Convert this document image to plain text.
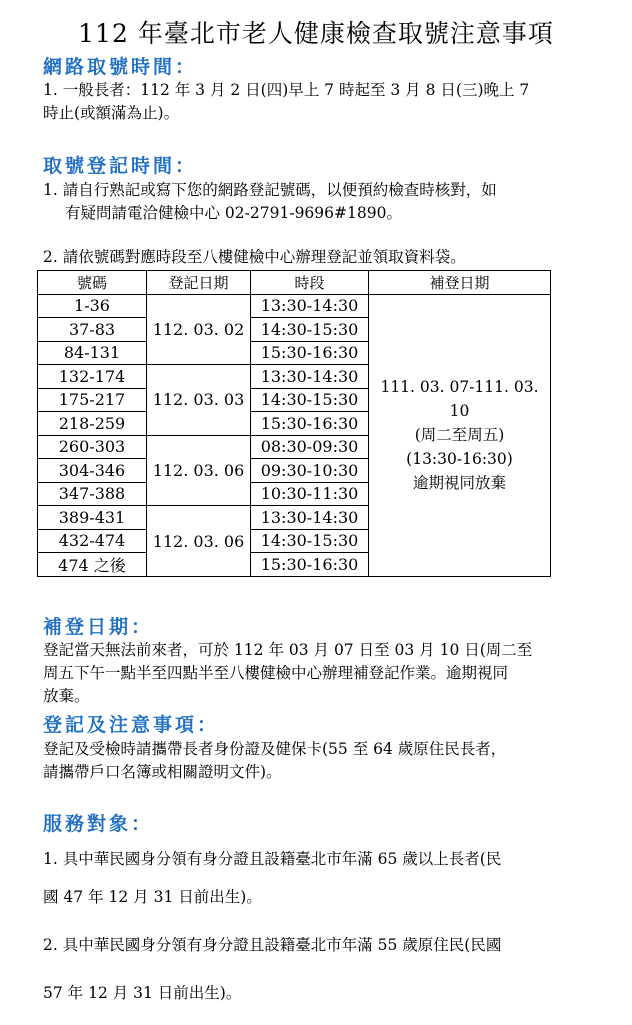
112 年臺北市老人健康檢查取號注意事項
網路取號時間：
1. 一般長者：112 年 3 月 2 日(四)早上 7 時起至 3 月 8 日(三)晚上 7
時止(或額滿為止)。
取號登記時間：
1. 請自行熟記或寫下您的網路登記號碼，以便預約檢查時核對，如
有疑問請電洽健檢中心 02-2791-9696#1890。
2. 請依號碼對應時段至八樓健檢中心辦理登記並領取資料袋。
號碼	登記日期	時段	補登日期
1-36	112. 03. 02	13:30-14:30	111. 03. 07-111. 03. 10
(周二至周五)
(13:30-16:30)
逾期視同放棄

37-83		14:30-15:30	
84-131		15:30-16:30	
132-174	112. 03. 03	13:30-14:30	
175-217		14:30-15:30	
218-259		15:30-16:30	
260-303	112. 03. 06	08:30-09:30	
304-346		09:30-10:30	
347-388		10:30-11:30	
389-431	112. 03. 06	13:30-14:30	
432-474		14:30-15:30	
474 之後		15:30-16:30	
補登日期：
登記當天無法前來者，可於 112 年 03 月 07 日至 03 月 10 日(周二至
周五下午一點半至四點半至八樓健檢中心辦理補登記作業。逾期視同
放棄。
登記及注意事項：
登記及受檢時請攜帶長者身份證及健保卡(55 至 64 歲原住民長者，
請攜帶戶口名簿或相關證明文件)。
服務對象：
1. 具中華民國身分領有身分證且設籍臺北市年滿 65 歲以上長者(民
國 47 年 12 月 31 日前出生)。
2. 具中華民國身分領有身分證且設籍臺北市年滿 55 歲原住民(民國
57 年 12 月 31 日前出生)。
